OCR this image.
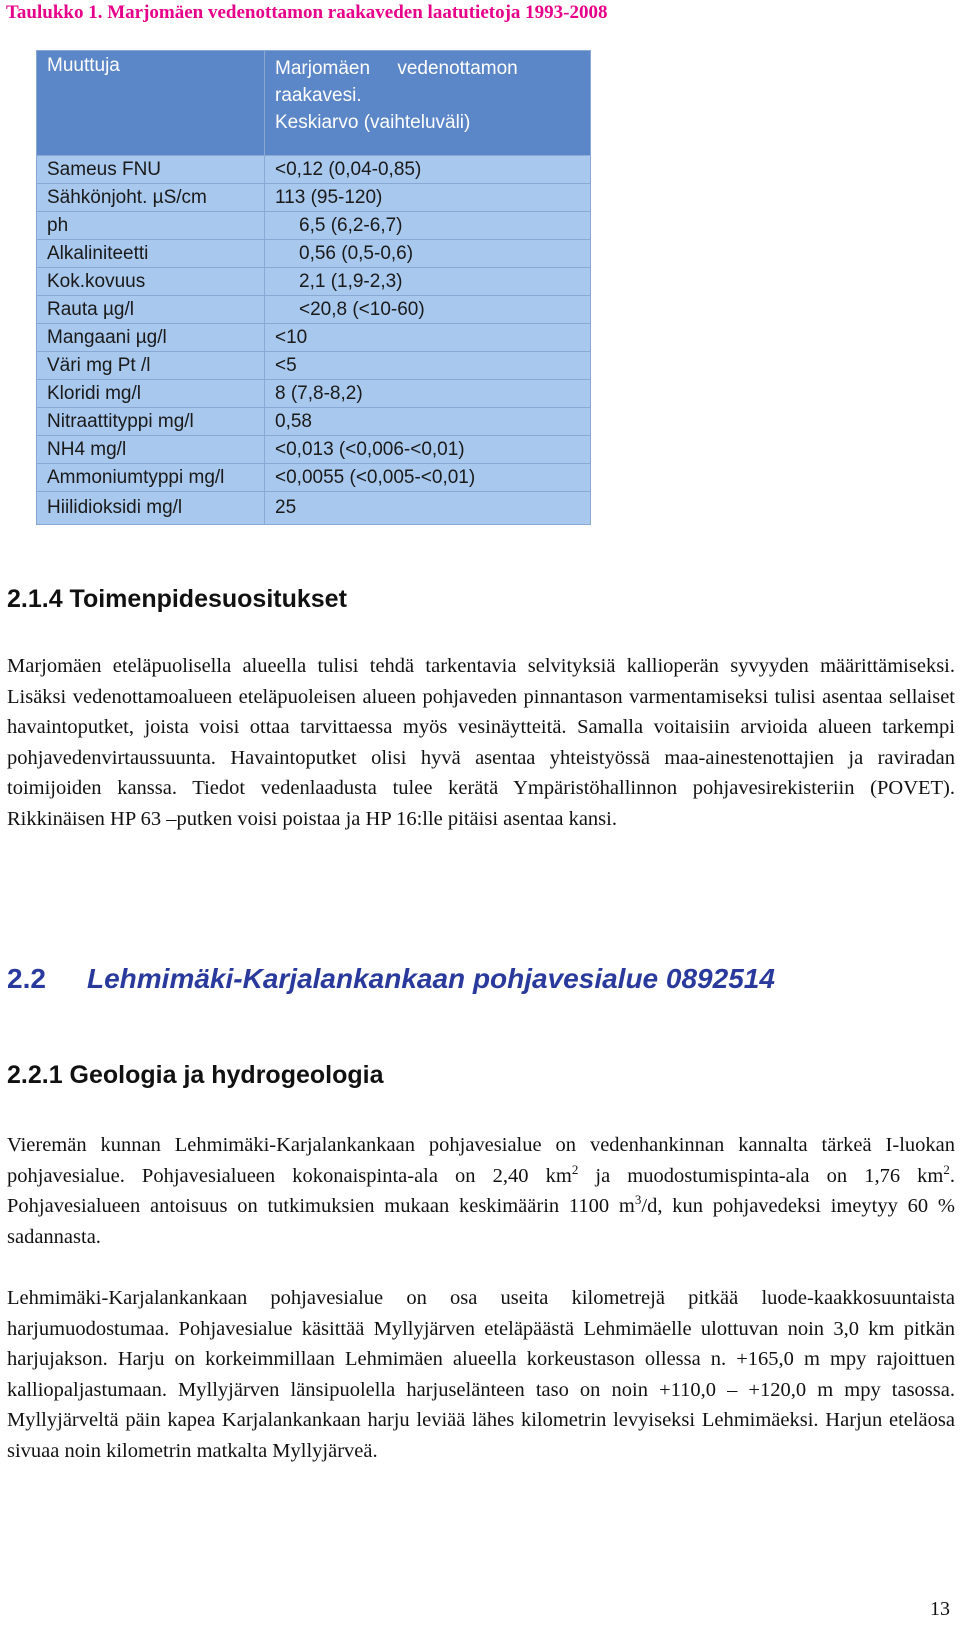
Taulukko 1. Marjomäen vedenottamon raakaveden laatutietoja 1993-2008
Muuttuja	Marjomäen vedenottamon
raakavesi.
Keskiarvo (vaihteluväli)

Sameus FNU	<0,12 (0,04-0,85)
Sähkönjoht. µS/cm	113 (95-120)
ph	6,5 (6,2-6,7)
Alkaliniteetti	0,56 (0,5-0,6)
Kok.kovuus	2,1 (1,9-2,3)
Rauta µg/l	<20,8 (<10-60)
Mangaani µg/l	<10
Väri mg Pt /l	<5
Kloridi mg/l	8 (7,8-8,2)
Nitraattityppi mg/l	0,58
NH4 mg/l	<0,013 (<0,006-<0,01)
Ammoniumtyppi mg/l	<0,0055 (<0,005-<0,01)
Hiilidioksidi mg/l	25
2.1.4 Toimenpidesuositukset

Marjomäen eteläpuolisella alueella tulisi tehdä tarkentavia selvityksiä kallioperän syvyyden määrittämiseksi. Lisäksi vedenottamoalueen eteläpuoleisen alueen pohjaveden pinnantason varmentamiseksi tulisi asentaa sellaiset havaintoputket, joista voisi ottaa tarvittaessa myös vesinäytteitä. Samalla voitaisiin arvioida alueen tarkempi pohjavedenvirtaussuunta. Havaintoputket olisi hyvä asentaa yhteistyössä maa-ainestenottajien ja raviradan toimijoiden kanssa. Tiedot vedenlaadusta tulee kerätä Ympäristöhallinnon pohjavesirekisteriin (POVET). Rikkinäisen HP 63 –putken voisi poistaa ja HP 16:lle pitäisi asentaa kansi.

2.2 Lehmimäki-Karjalankankaan pohjavesialue 0892514
2.2.1 Geologia ja hydrogeologia

Vieremän kunnan Lehmimäki-Karjalankankaan pohjavesialue on vedenhankinnan kannalta tärkeä I-luokan pohjavesialue. Pohjavesialueen kokonaispinta-ala on 2,40 $km^2$ ja muodostumispinta-ala on 1,76 $km^2$. Pohjavesialueen antoisuus on tutkimuksien mukaan keskimäärin 1100 $m^3/d$, kun pohjavedeksi imeytyy 60 % sadannasta.

Lehmimäki-Karjalankankaan pohjavesialue on osa useita kilometrejä pitkää luode-kaakkosuuntaista harjumuodostumaa. Pohjavesialue käsittää Myllyjärven eteläpäästä Lehmimäelle ulottuvan noin 3,0 km pitkän harjujakson. Harju on korkeimmillaan Lehmimäen alueella korkeustason ollessa n. +165,0 m mpy rajoittuen kalliopaljastumaan. Myllyjärven länsipuolella harjuselänteen taso on noin +110,0 – +120,0 m mpy tasossa. Myllyjärveltä päin kapea Karjalankankaan harju leviää lähes kilometrin levyiseksi Lehmimäeksi. Harjun eteläosa sivuaa noin kilometrin matkalta Myllyjärveä.

13
